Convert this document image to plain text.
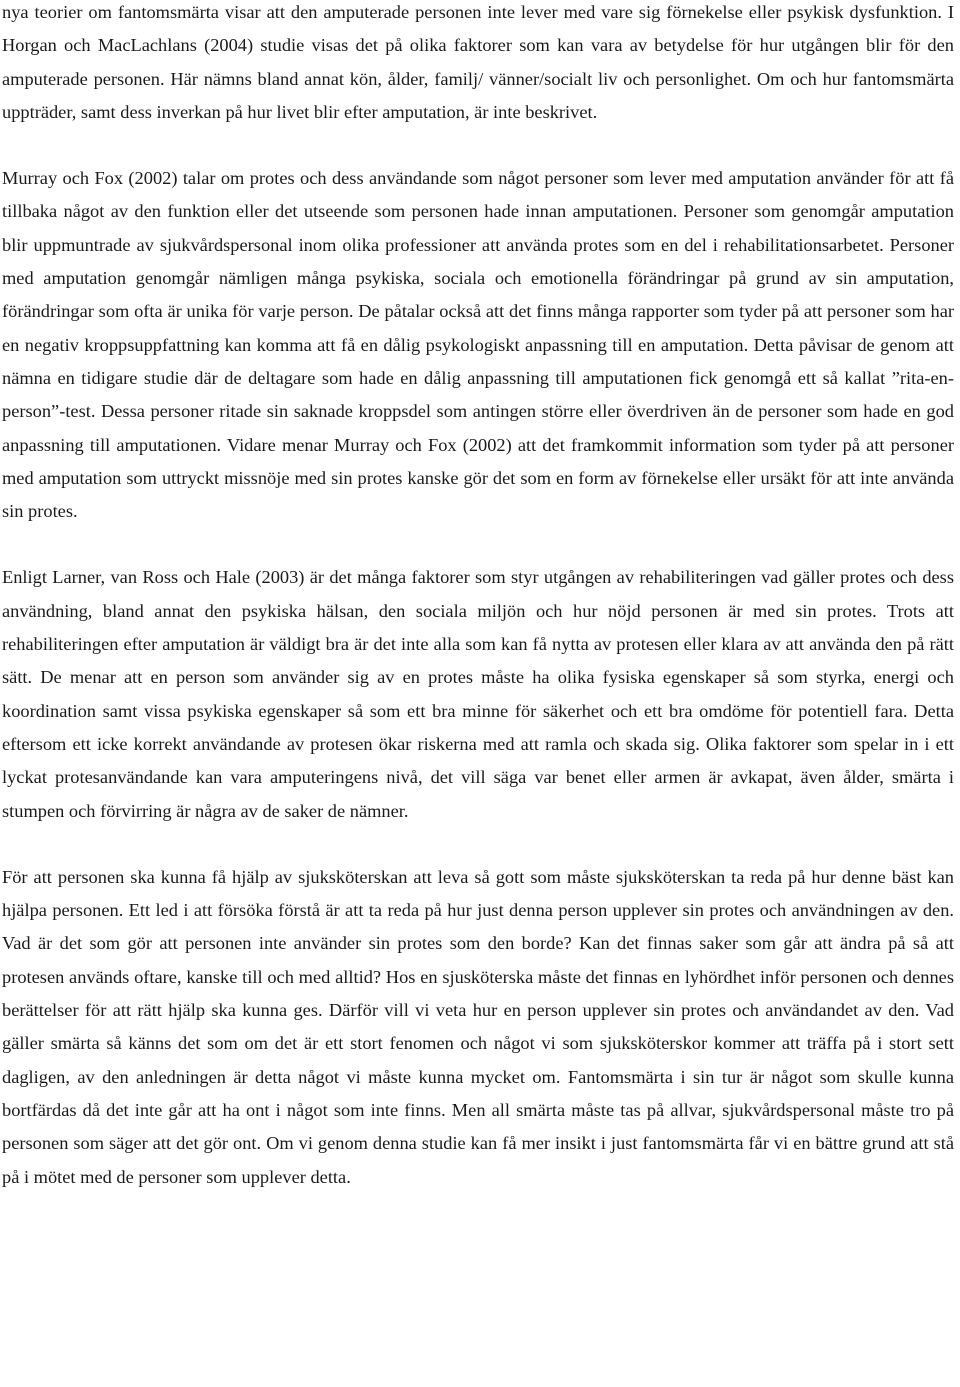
nya teorier om fantomsmärta visar att den amputerade personen inte lever med vare sig förnekelse eller psykisk dysfunktion. I Horgan och MacLachlans (2004) studie visas det på olika faktorer som kan vara av betydelse för hur utgången blir för den amputerade personen. Här nämns bland annat kön, ålder, familj/ vänner/socialt liv och personlighet. Om och hur fantomsmärta uppträder, samt dess inverkan på hur livet blir efter amputation, är inte beskrivet.

Murray och Fox (2002) talar om protes och dess användande som något personer som lever med amputation använder för att få tillbaka något av den funktion eller det utseende som personen hade innan amputationen. Personer som genomgår amputation blir uppmuntrade av sjukvårdspersonal inom olika professioner att använda protes som en del i rehabilitationsarbetet. Personer med amputation genomgår nämligen många psykiska, sociala och emotionella förändringar på grund av sin amputation, förändringar som ofta är unika för varje person. De påtalar också att det finns många rapporter som tyder på att personer som har en negativ kroppsuppfattning kan komma att få en dålig psykologiskt anpassning till en amputation. Detta påvisar de genom att nämna en tidigare studie där de deltagare som hade en dålig anpassning till amputationen fick genomgå ett så kallat ”rita-en-person”-test. Dessa personer ritade sin saknade kroppsdel som antingen större eller överdriven än de personer som hade en god anpassning till amputationen. Vidare menar Murray och Fox (2002) att det framkommit information som tyder på att personer med amputation som uttryckt missnöje med sin protes kanske gör det som en form av förnekelse eller ursäkt för att inte använda sin protes.

Enligt Larner, van Ross och Hale (2003) är det många faktorer som styr utgången av rehabiliteringen vad gäller protes och dess användning, bland annat den psykiska hälsan, den sociala miljön och hur nöjd personen är med sin protes. Trots att rehabiliteringen efter amputation är väldigt bra är det inte alla som kan få nytta av protesen eller klara av att använda den på rätt sätt. De menar att en person som använder sig av en protes måste ha olika fysiska egenskaper så som styrka, energi och koordination samt vissa psykiska egenskaper så som ett bra minne för säkerhet och ett bra omdöme för potentiell fara. Detta eftersom ett icke korrekt användande av protesen ökar riskerna med att ramla och skada sig. Olika faktorer som spelar in i ett lyckat protesanvändande kan vara amputeringens nivå, det vill säga var benet eller armen är avkapat, även ålder, smärta i stumpen och förvirring är några av de saker de nämner.

För att personen ska kunna få hjälp av sjuksköterskan att leva så gott som måste sjuksköterskan ta reda på hur denne bäst kan hjälpa personen. Ett led i att försöka förstå är att ta reda på hur just denna person upplever sin protes och användningen av den. Vad är det som gör att personen inte använder sin protes som den borde? Kan det finnas saker som går att ändra på så att protesen används oftare, kanske till och med alltid? Hos en sjusköterska måste det finnas en lyhördhet inför personen och dennes berättelser för att rätt hjälp ska kunna ges. Därför vill vi veta hur en person upplever sin protes och användandet av den. Vad gäller smärta så känns det som om det är ett stort fenomen och något vi som sjuksköterskor kommer att träffa på i stort sett dagligen, av den anledningen är detta något vi måste kunna mycket om. Fantomsmärta i sin tur är något som skulle kunna bortfärdas då det inte går att ha ont i något som inte finns. Men all smärta måste tas på allvar, sjukvårdspersonal måste tro på personen som säger att det gör ont. Om vi genom denna studie kan få mer insikt i just fantomsmärta får vi en bättre grund att stå på i mötet med de personer som upplever detta.
